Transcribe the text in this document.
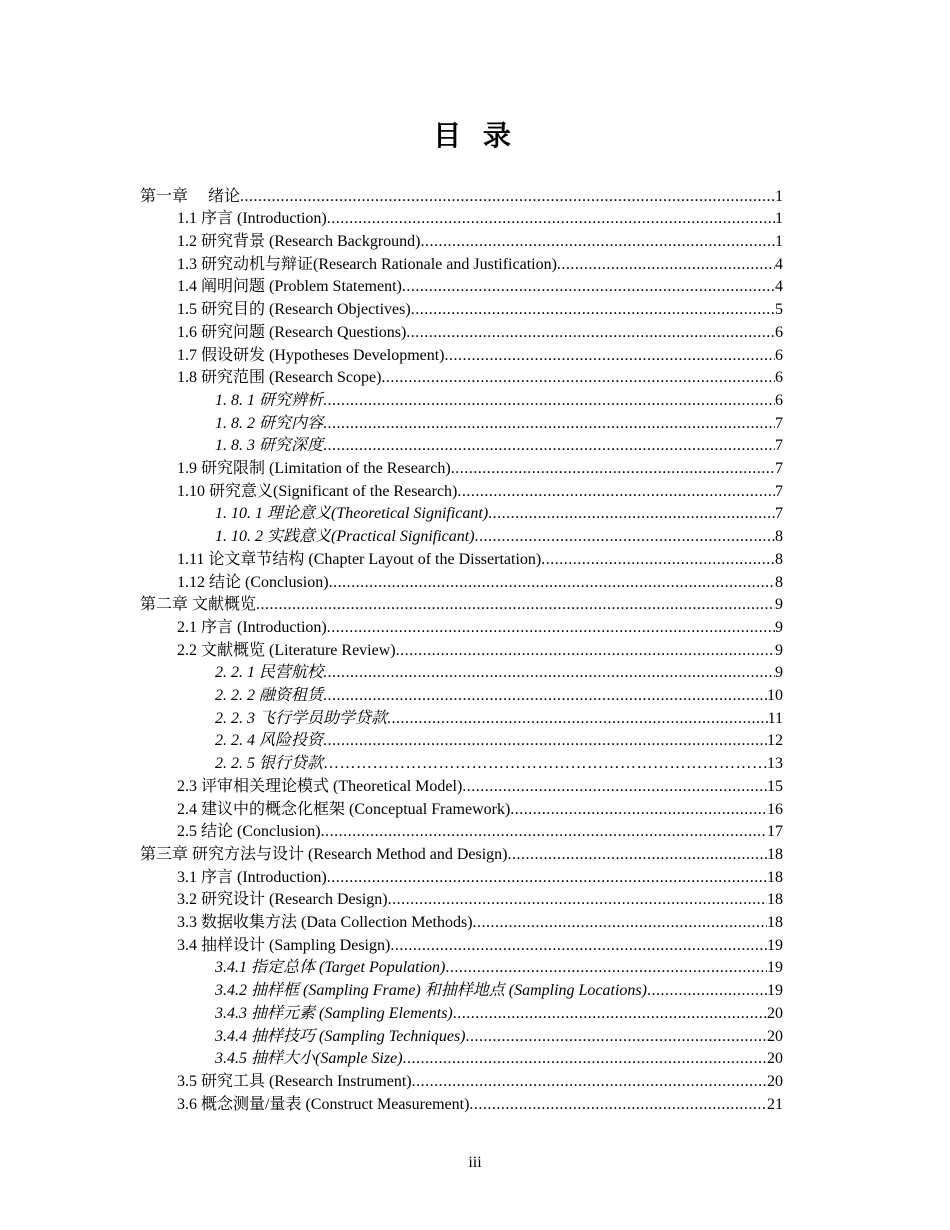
目 录
第一章　 绪论 .....	1
1.1 序言 (Introduction) .....	1
1.2 研究背景 (Research Background) .....	1
1.3 研究动机与辩证(Research Rationale and Justification) .....	4
1.4 阐明问题 (Problem Statement) .....	4
1.5 研究目的 (Research Objectives) .....	5
1.6 研究问题 (Research Questions) .....	6
1.7 假设研发 (Hypotheses Development) .....	6
1.8 研究范围 (Research Scope) .....	6
1. 8. 1 研究辨析 .....	6
1. 8. 2 研究内容 .....	7
1. 8. 3 研究深度 .....	7
1.9 研究限制 (Limitation of the Research) .....	7
1.10 研究意义(Significant of the Research) .....	7
1. 10. 1 理论意义(Theoretical Significant) .....	7
1. 10. 2 实践意义(Practical Significant) .....	8
1.11 论文章节结构 (Chapter Layout of the Dissertation) .....	8
1.12 结论 (Conclusion) .....	8
第二章 文献概览 .....	9
2.1 序言 (Introduction) .....	9
2.2 文献概览 (Literature Review) .....	9
2. 2. 1 民营航校 .....	9
2. 2. 2 融资租赁 .....	10
2. 2. 3 飞行学员助学贷款 .....	11
2. 2. 4 风险投资 .....	12
2. 2. 5 银行贷款 ……………………………………………………………………………………………	13
2.3 评审相关理论模式 (Theoretical Model) .....	15
2.4 建议中的概念化框架 (Conceptual Framework) .....	16
2.5 结论 (Conclusion) .....	17
第三章 研究方法与设计 (Research Method and Design) .....	18
3.1 序言 (Introduction) .....	18
3.2 研究设计 (Research Design) .....	18
3.3 数据收集方法 (Data Collection Methods) .....	18
3.4 抽样设计 (Sampling Design) .....	19
3.4.1 指定总体 (Target Population) .....	19
3.4.2 抽样框 (Sampling Frame) 和抽样地点 (Sampling Locations) .....	19
3.4.3 抽样元素 (Sampling Elements) .....	20
3.4.4 抽样技巧 (Sampling Techniques) .....	20
3.4.5 抽样大小(Sample Size) .....	20
3.5 研究工具 (Research Instrument) .....	20
3.6 概念测量/量表 (Construct Measurement) .....	21
iii
